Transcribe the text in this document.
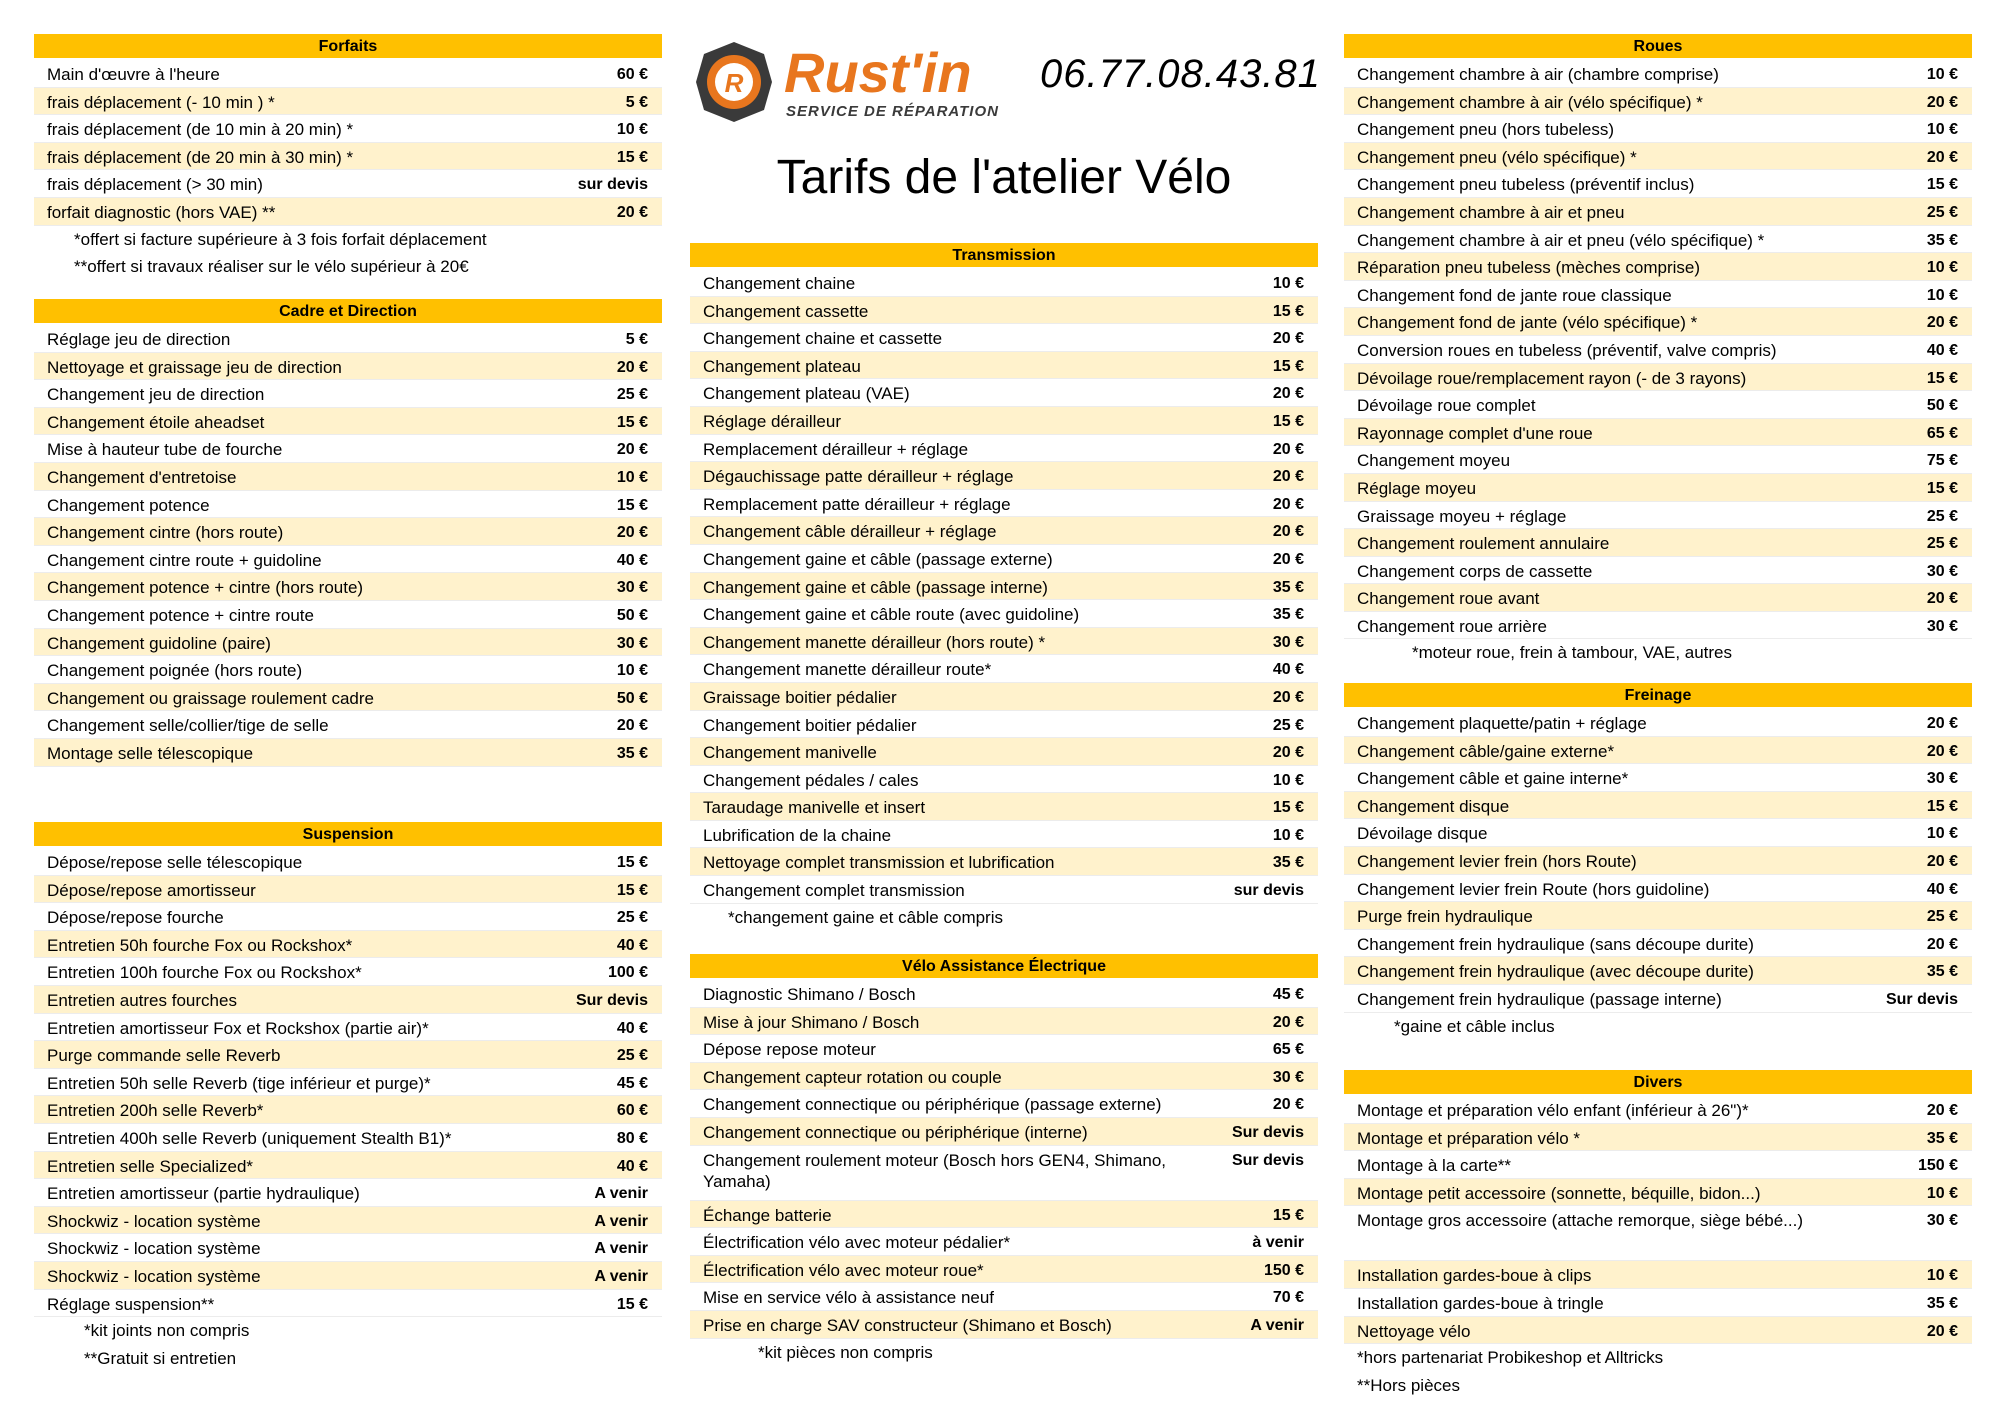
R Rust'in
SERVICE DE RÉPARATION
06.77.08.43.81
Tarifs de l'atelier Vélo
Forfaits
Main d'œuvre à l'heure	60 €
frais déplacement (- 10 min ) *	5 €
frais déplacement (de 10 min à 20 min) *	10 €
frais déplacement (de 20 min à 30 min) *	15 €
frais déplacement (> 30 min)	sur devis
forfait diagnostic (hors VAE) **	20 €
*offert si facture supérieure à 3 fois forfait déplacement
**offert si travaux réaliser sur le vélo supérieur à 20€
Cadre et Direction
Réglage jeu de direction	5 €
Nettoyage et graissage jeu de direction	20 €
Changement jeu de direction	25 €
Changement étoile aheadset	15 €
Mise à hauteur tube de fourche	20 €
Changement d'entretoise	10 €
Changement potence	15 €
Changement cintre (hors route)	20 €
Changement cintre route + guidoline	40 €
Changement potence + cintre (hors route)	30 €
Changement potence + cintre route	50 €
Changement guidoline (paire)	30 €
Changement poignée (hors route)	10 €
Changement ou graissage roulement cadre	50 €
Changement selle/collier/tige de selle	20 €
Montage selle télescopique	35 €
Suspension
Dépose/repose selle télescopique	15 €
Dépose/repose amortisseur	15 €
Dépose/repose fourche	25 €
Entretien 50h fourche Fox ou Rockshox*	40 €
Entretien 100h fourche Fox ou Rockshox*	100 €
Entretien autres fourches	Sur devis
Entretien amortisseur Fox et Rockshox (partie air)*	40 €
Purge commande selle Reverb	25 €
Entretien 50h selle Reverb (tige inférieur et purge)*	45 €
Entretien 200h selle Reverb*	60 €
Entretien 400h selle Reverb (uniquement Stealth B1)*	80 €
Entretien selle Specialized*	40 €
Entretien amortisseur (partie hydraulique)	A venir
Shockwiz - location système	A venir
Shockwiz - location système	A venir
Shockwiz - location système	A venir
Réglage suspension**	15 €
*kit joints non compris
**Gratuit si entretien
Transmission
Changement chaine	10 €
Changement cassette	15 €
Changement chaine et cassette	20 €
Changement plateau	15 €
Changement plateau (VAE)	20 €
Réglage dérailleur	15 €
Remplacement dérailleur + réglage	20 €
Dégauchissage patte dérailleur + réglage	20 €
Remplacement patte dérailleur + réglage	20 €
Changement câble dérailleur + réglage	20 €
Changement gaine et câble (passage externe)	20 €
Changement gaine et câble (passage interne)	35 €
Changement gaine et câble route (avec guidoline)	35 €
Changement manette dérailleur (hors route) *	30 €
Changement manette dérailleur route*	40 €
Graissage boitier pédalier	20 €
Changement boitier pédalier	25 €
Changement manivelle	20 €
Changement pédales / cales	10 €
Taraudage manivelle et insert	15 €
Lubrification de la chaine	10 €
Nettoyage complet transmission et lubrification	35 €
Changement complet transmission	sur devis
*changement gaine et câble compris
Vélo Assistance Électrique
Diagnostic Shimano / Bosch	45 €
Mise à jour Shimano / Bosch	20 €
Dépose repose moteur	65 €
Changement capteur rotation ou couple	30 €
Changement connectique ou périphérique (passage externe)	20 €
Changement connectique ou périphérique (interne)	Sur devis
Changement roulement moteur (Bosch hors GEN4, Shimano, Yamaha)
Sur devis
Échange batterie	15 €
Électrification vélo avec moteur pédalier*	à venir
Électrification vélo avec moteur roue*	150 €
Mise en service vélo à assistance neuf	70 €
Prise en charge SAV constructeur (Shimano et Bosch)	A venir
*kit pièces non compris
Roues
Changement chambre à air (chambre comprise)	10 €
Changement chambre à air (vélo spécifique) *	20 €
Changement pneu (hors tubeless)	10 €
Changement pneu (vélo spécifique) *	20 €
Changement pneu tubeless (préventif inclus)	15 €
Changement chambre à air et pneu	25 €
Changement chambre à air et pneu (vélo spécifique) *	35 €
Réparation pneu tubeless (mèches comprise)	10 €
Changement fond de jante roue classique	10 €
Changement fond de jante (vélo spécifique) *	20 €
Conversion roues en tubeless (préventif, valve compris)	40 €
Dévoilage roue/remplacement rayon (- de 3 rayons)	15 €
Dévoilage roue complet	50 €
Rayonnage complet d'une roue	65 €
Changement moyeu	75 €
Réglage moyeu	15 €
Graissage moyeu + réglage	25 €
Changement roulement annulaire	25 €
Changement corps de cassette	30 €
Changement roue avant	20 €
Changement roue arrière	30 €
*moteur roue, frein à tambour, VAE, autres
Freinage
Changement plaquette/patin + réglage	20 €
Changement câble/gaine externe*	20 €
Changement câble et gaine interne*	30 €
Changement disque	15 €
Dévoilage disque	10 €
Changement levier frein (hors Route)	20 €
Changement levier frein Route (hors guidoline)	40 €
Purge frein hydraulique	25 €
Changement frein hydraulique (sans découpe durite)	20 €
Changement frein hydraulique (avec découpe durite)	35 €
Changement frein hydraulique (passage interne)	Sur devis
*gaine et câble inclus
Divers
Montage et préparation vélo enfant (inférieur à 26")*	20 €
Montage et préparation vélo *	35 €
Montage à la carte**	150 €
Montage petit accessoire (sonnette, béquille, bidon...)	10 €
Montage gros accessoire (attache remorque, siège bébé...)	30 €
Installation gardes-boue à clips	10 €
Installation gardes-boue à tringle	35 €
Nettoyage vélo	20 €
*hors partenariat Probikeshop et Alltricks
**Hors pièces
